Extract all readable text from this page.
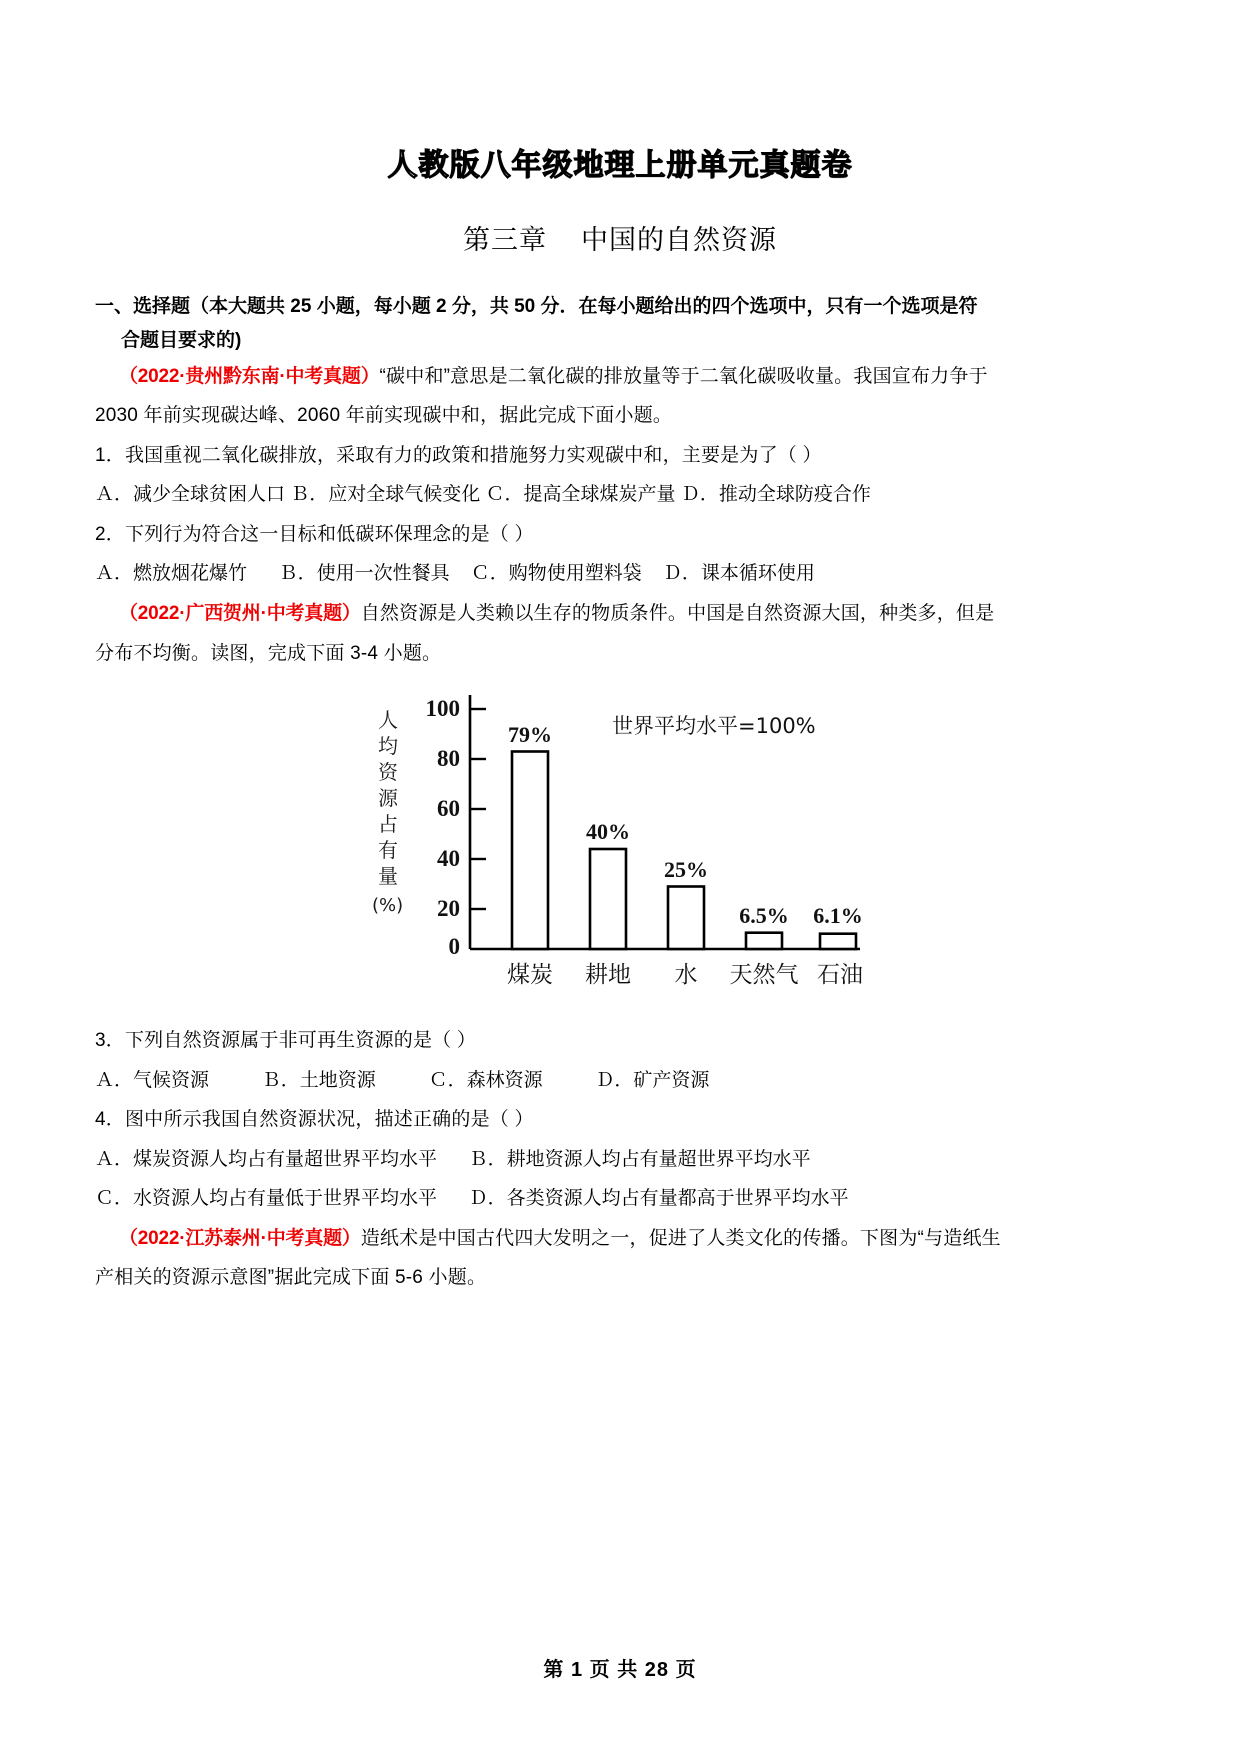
人教版八年级地理上册单元真题卷
第三章    中国的自然资源
一、选择题（本大题共 25 小题，每小题 2 分，共 50 分．在每小题给出的四个选项中，只有一个选项是符
合题目要求的)
（2022·贵州黔东南·中考真题）“碳中和”意思是二氧化碳的排放量等于二氧化碳吸收量。我国宣布力争于
2030 年前实现碳达峰、2060 年前实现碳中和，据此完成下面小题。
1．我国重视二氧化碳排放，采取有力的政策和措施努力实观碳中和，主要是为了（ ）
Ａ．减少全球贫困人口 Ｂ．应对全球气候变化 Ｃ．提高全球煤炭产量 Ｄ．推动全球防疫合作
2．下列行为符合这一目标和低碳环保理念的是（ ）
Ａ．燃放烟花爆竹      Ｂ．使用一次性餐具    Ｃ．购物使用塑料袋    Ｄ．课本循环使用
（2022·广西贺州·中考真题）自然资源是人类赖以生存的物质条件。中国是自然资源大国，种类多，但是
分布不均衡。读图，完成下面 3-4 小题。
人
均
资
源
占
有
量
(%)
100
80
60
40
20
0
世界平均水平=100%
79%
40%
25%
6.5% 6.1%
煤炭 耕地 水 天然气 石油
3．下列自然资源属于非可再生资源的是（ ）
Ａ．气候资源          Ｂ．土地资源          Ｃ．森林资源          Ｄ．矿产资源
4．图中所示我国自然资源状况，描述正确的是（ ）
Ａ．煤炭资源人均占有量超世界平均水平      Ｂ．耕地资源人均占有量超世界平均水平
Ｃ．水资源人均占有量低于世界平均水平      Ｄ．各类资源人均占有量都高于世界平均水平
（2022·江苏泰州·中考真题）造纸术是中国古代四大发明之一，促进了人类文化的传播。下图为“与造纸生
产相关的资源示意图”据此完成下面 5-6 小题。
第 1 页 共 28 页
